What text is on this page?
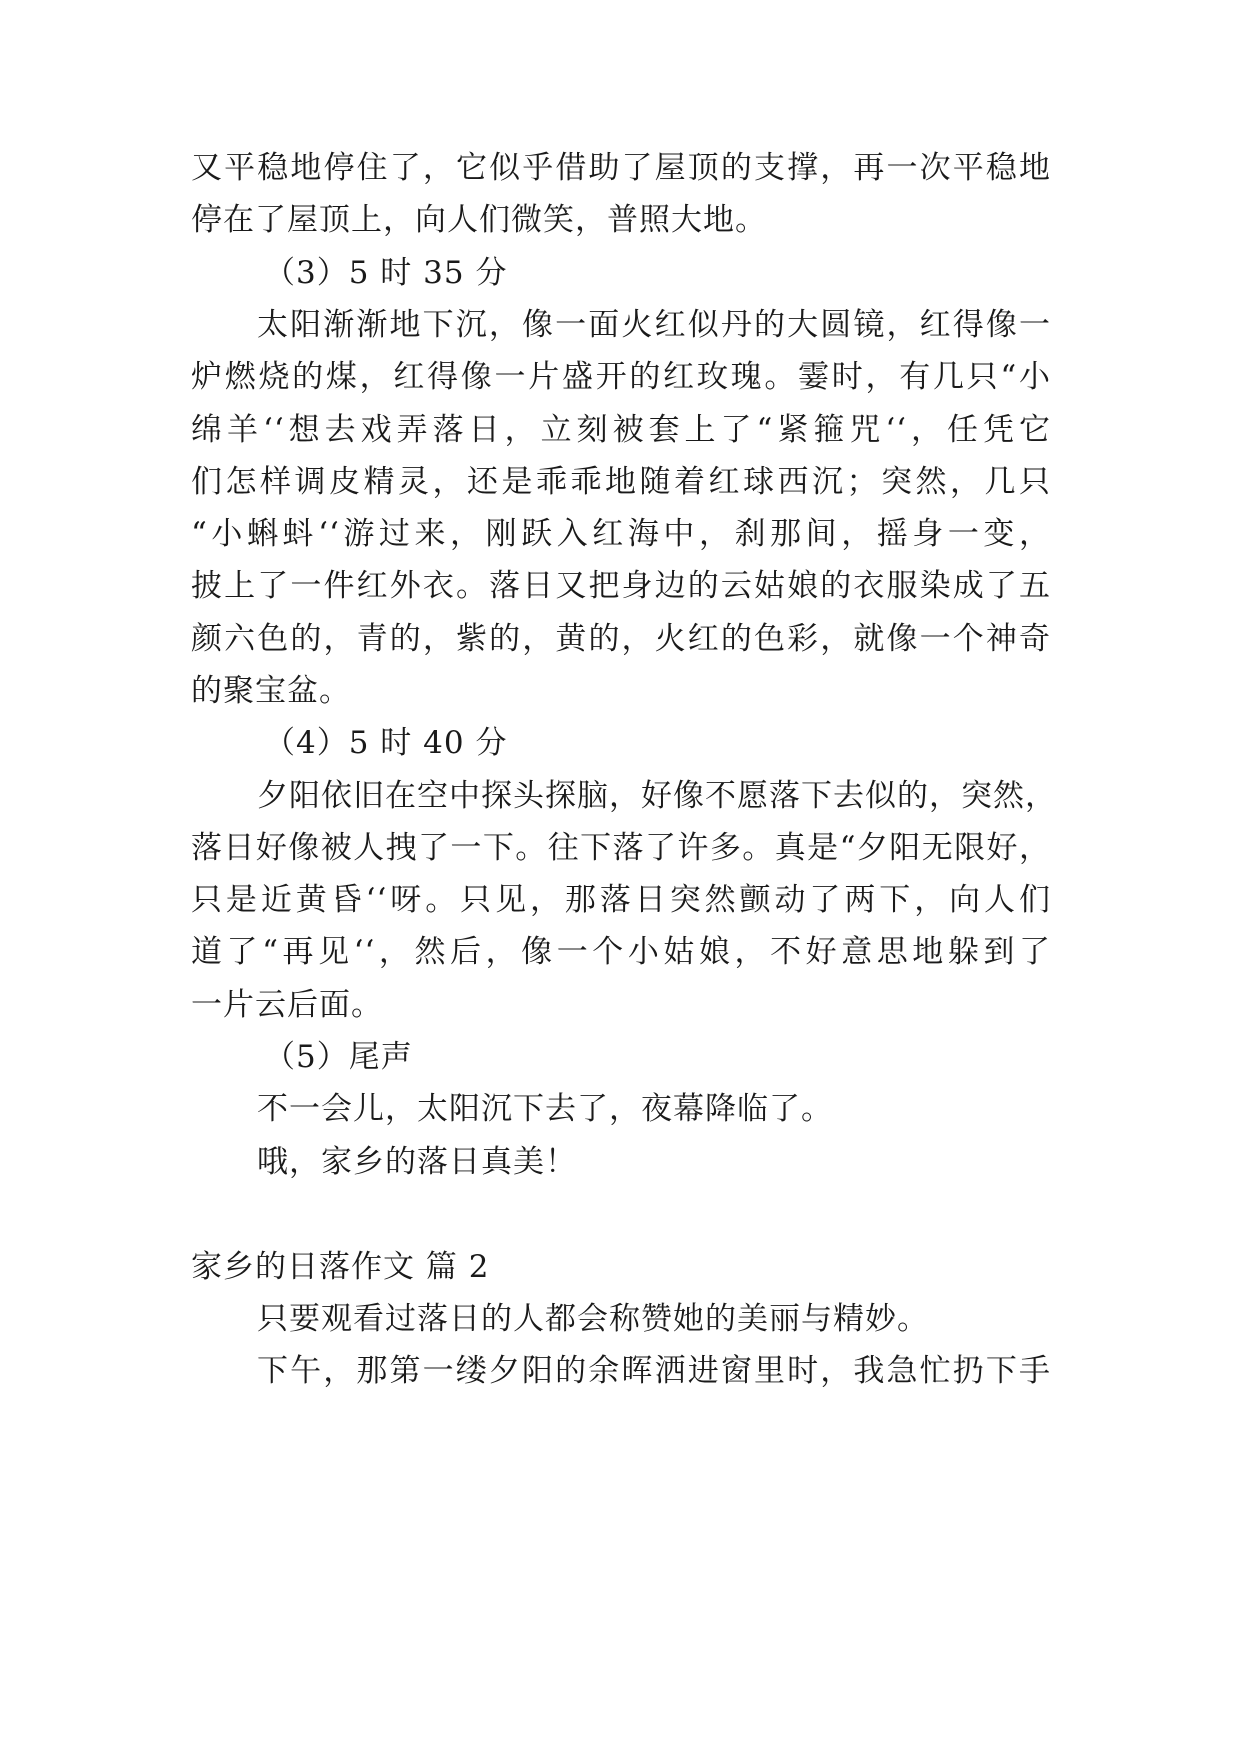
又平稳地停住了，它似乎借助了屋顶的支撑，再一次平稳地
停在了屋顶上，向人们微笑，普照大地。
（3）5 时 35 分
太阳渐渐地下沉，像一面火红似丹的大圆镜，红得像一
炉燃烧的煤，红得像一片盛开的红玫瑰。霎时，有几只“小
绵羊‘‘想去戏弄落日，立刻被套上了“紧箍咒‘‘，任凭它
们怎样调皮精灵，还是乖乖地随着红球西沉；突然，几只
“小蝌蚪‘‘游过来，刚跃入红海中，刹那间，摇身一变，
披上了一件红外衣。落日又把身边的云姑娘的衣服染成了五
颜六色的，青的，紫的，黄的，火红的色彩，就像一个神奇
的聚宝盆。
（4）5 时 40 分
夕阳依旧在空中探头探脑，好像不愿落下去似的，突然，
落日好像被人拽了一下。往下落了许多。真是“夕阳无限好，
只是近黄昏‘‘呀。只见，那落日突然颤动了两下，向人们
道了“再见‘‘，然后，像一个小姑娘，不好意思地躲到了
一片云后面。
（5）尾声
不一会儿，太阳沉下去了，夜幕降临了。
哦，家乡的落日真美！
家乡的日落作文 篇 2
只要观看过落日的人都会称赞她的美丽与精妙。
下午，那第一缕夕阳的余晖洒进窗里时，我急忙扔下手
